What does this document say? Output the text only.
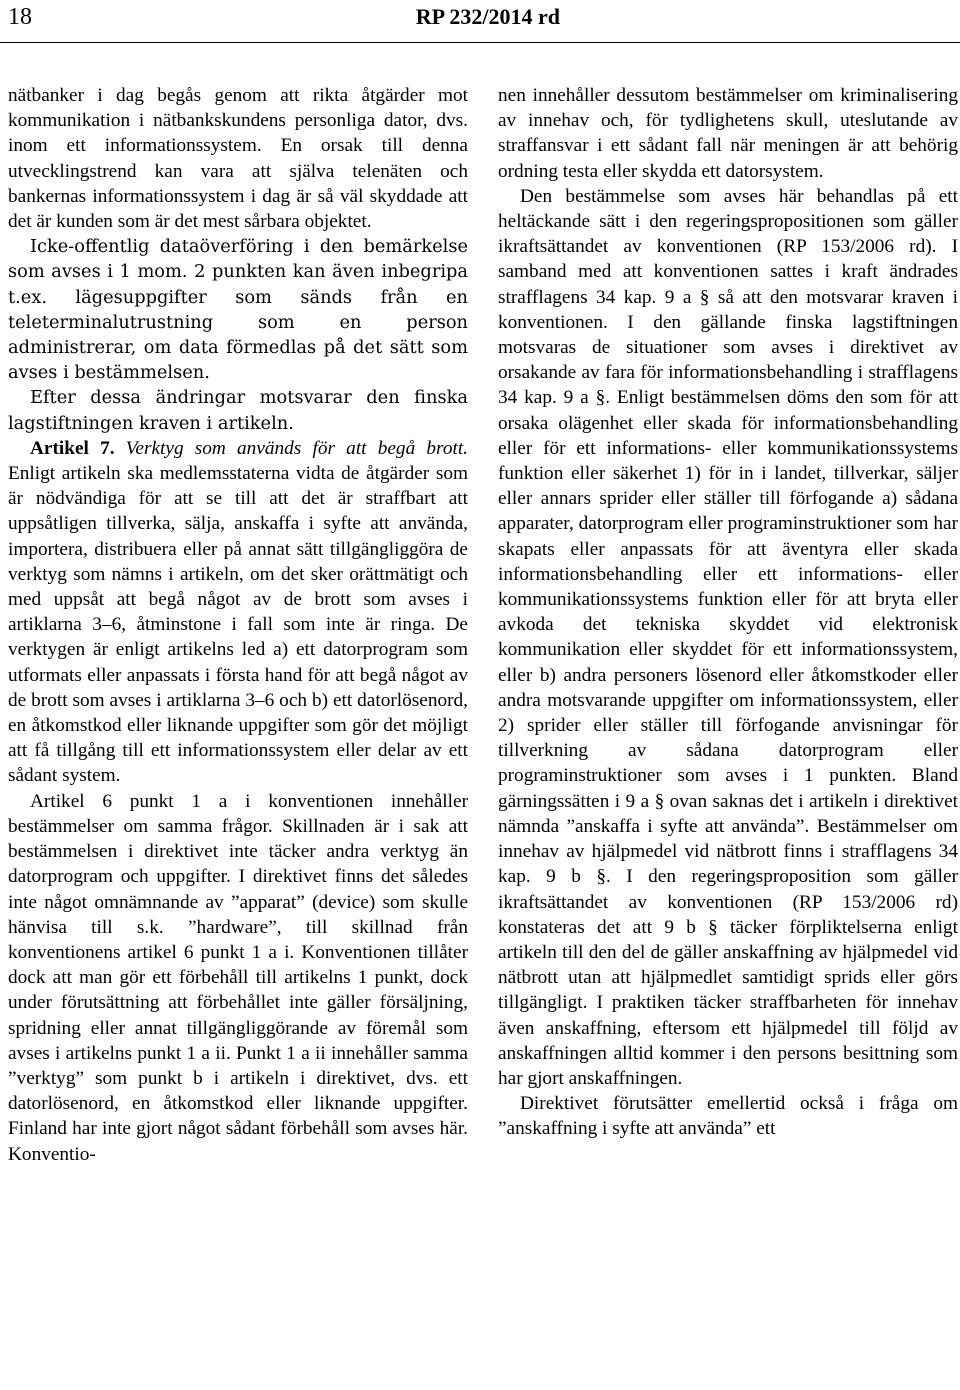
18	RP 232/2014 rd

nätbanker i dag begås genom att rikta åtgärder mot kommunikation i nätbankskundens personliga dator, dvs. inom ett informationssystem. En orsak till denna utvecklingstrend kan vara att själva telenäten och bankernas informationssystem i dag är så väl skyddade att det är kunden som är det mest sårbara objektet.

Icke-offentlig dataöverföring i den bemärkelse som avses i 1 mom. 2 punkten kan även inbegripa t.ex. lägesuppgifter som sänds från en teleterminalutrustning som en person administrerar, om data förmedlas på det sätt som avses i bestämmelsen.

Efter dessa ändringar motsvarar den finska lagstiftningen kraven i artikeln.

Artikel 7. Verktyg som används för att begå brott. Enligt artikeln ska medlemsstaterna vidta de åtgärder som är nödvändiga för att se till att det är straffbart att uppsåtligen tillverka, sälja, anskaffa i syfte att använda, importera, distribuera eller på annat sätt tillgängliggöra de verktyg som nämns i artikeln, om det sker orättmätigt och med uppsåt att begå något av de brott som avses i artiklarna 3–6, åtminstone i fall som inte är ringa. De verktygen är enligt artikelns led a) ett datorprogram som utformats eller anpassats i första hand för att begå något av de brott som avses i artiklarna 3–6 och b) ett datorlösenord, en åtkomstkod eller liknande uppgifter som gör det möjligt att få tillgång till ett informationssystem eller delar av ett sådant system.

Artikel 6 punkt 1 a i konventionen innehåller bestämmelser om samma frågor. Skillnaden är i sak att bestämmelsen i direktivet inte täcker andra verktyg än datorprogram och uppgifter. I direktivet finns det således inte något omnämnande av ”apparat” (device) som skulle hänvisa till s.k. ”hardware”, till skillnad från konventionens artikel 6 punkt 1 a i. Konventionen tillåter dock att man gör ett förbehåll till artikelns 1 punkt, dock under förutsättning att förbehållet inte gäller försäljning, spridning eller annat tillgängliggörande av föremål som avses i artikelns punkt 1 a ii. Punkt 1 a ii innehåller samma ”verktyg” som punkt b i artikeln i direktivet, dvs. ett datorlösenord, en åtkomstkod eller liknande uppgifter. Finland har inte gjort något sådant förbehåll som avses här. Konventio-

nen innehåller dessutom bestämmelser om kriminalisering av innehav och, för tydlighetens skull, uteslutande av straffansvar i ett sådant fall när meningen är att behörig ordning testa eller skydda ett datorsystem.

Den bestämmelse som avses här behandlas på ett heltäckande sätt i den regeringspropositionen som gäller ikraftsättandet av konventionen (RP 153/2006 rd). I samband med att konventionen sattes i kraft ändrades strafflagens 34 kap. 9 a § så att den motsvarar kraven i konventionen. I den gällande finska lagstiftningen motsvaras de situationer som avses i direktivet av orsakande av fara för informationsbehandling i strafflagens 34 kap. 9 a §. Enligt bestämmelsen döms den som för att orsaka olägenhet eller skada för informationsbehandling eller för ett informations- eller kommunikationssystems funktion eller säkerhet 1) för in i landet, tillverkar, säljer eller annars sprider eller ställer till förfogande a) sådana apparater, datorprogram eller programinstruktioner som har skapats eller anpassats för att äventyra eller skada informationsbehandling eller ett informations- eller kommunikationssystems funktion eller för att bryta eller avkoda det tekniska skyddet vid elektronisk kommunikation eller skyddet för ett informationssystem, eller b) andra personers lösenord eller åtkomstkoder eller andra motsvarande uppgifter om informationssystem, eller 2) sprider eller ställer till förfogande anvisningar för tillverkning av sådana datorprogram eller programinstruktioner som avses i 1 punkten. Bland gärningssätten i 9 a § ovan saknas det i artikeln i direktivet nämnda ”anskaffa i syfte att använda”. Bestämmelser om innehav av hjälpmedel vid nätbrott finns i strafflagens 34 kap. 9 b §. I den regeringsproposition som gäller ikraftsättandet av konventionen (RP 153/2006 rd) konstateras det att 9 b § täcker förpliktelserna enligt artikeln till den del de gäller anskaffning av hjälpmedel vid nätbrott utan att hjälpmedlet samtidigt sprids eller görs tillgängligt. I praktiken täcker straffbarheten för innehav även anskaffning, eftersom ett hjälpmedel till följd av anskaffningen alltid kommer i den persons besittning som har gjort anskaffningen.

Direktivet förutsätter emellertid också i fråga om ”anskaffning i syfte att använda” ett
